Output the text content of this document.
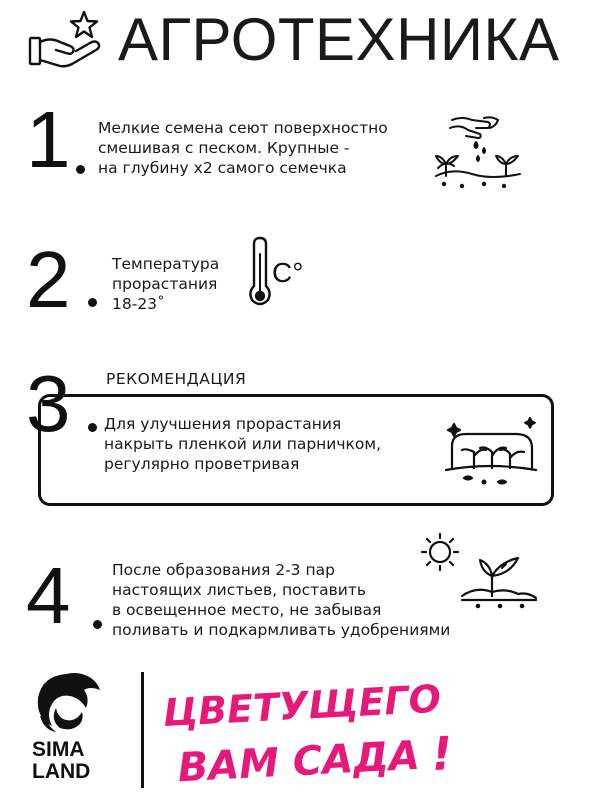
АГРОТЕХНИКА
1 Мелкие семена сеют поверхностно
смешивая с песком. Крупные -
на глубину х2 самого семечка
2	Температура
прорастания
18-23˚
C°
3 РЕКОМЕНДАЦИЯ
Для улучшения прорастания
накрыть пленкой или парничком,
регулярно проветривая
4	После образования 2-3 пар
настоящих листьев, поставить
в освещенное место, не забывая
поливать и подкармливать удобрениями
SIMA
LAND
ЦВЕТУЩЕГО
ВАМ САДА !
